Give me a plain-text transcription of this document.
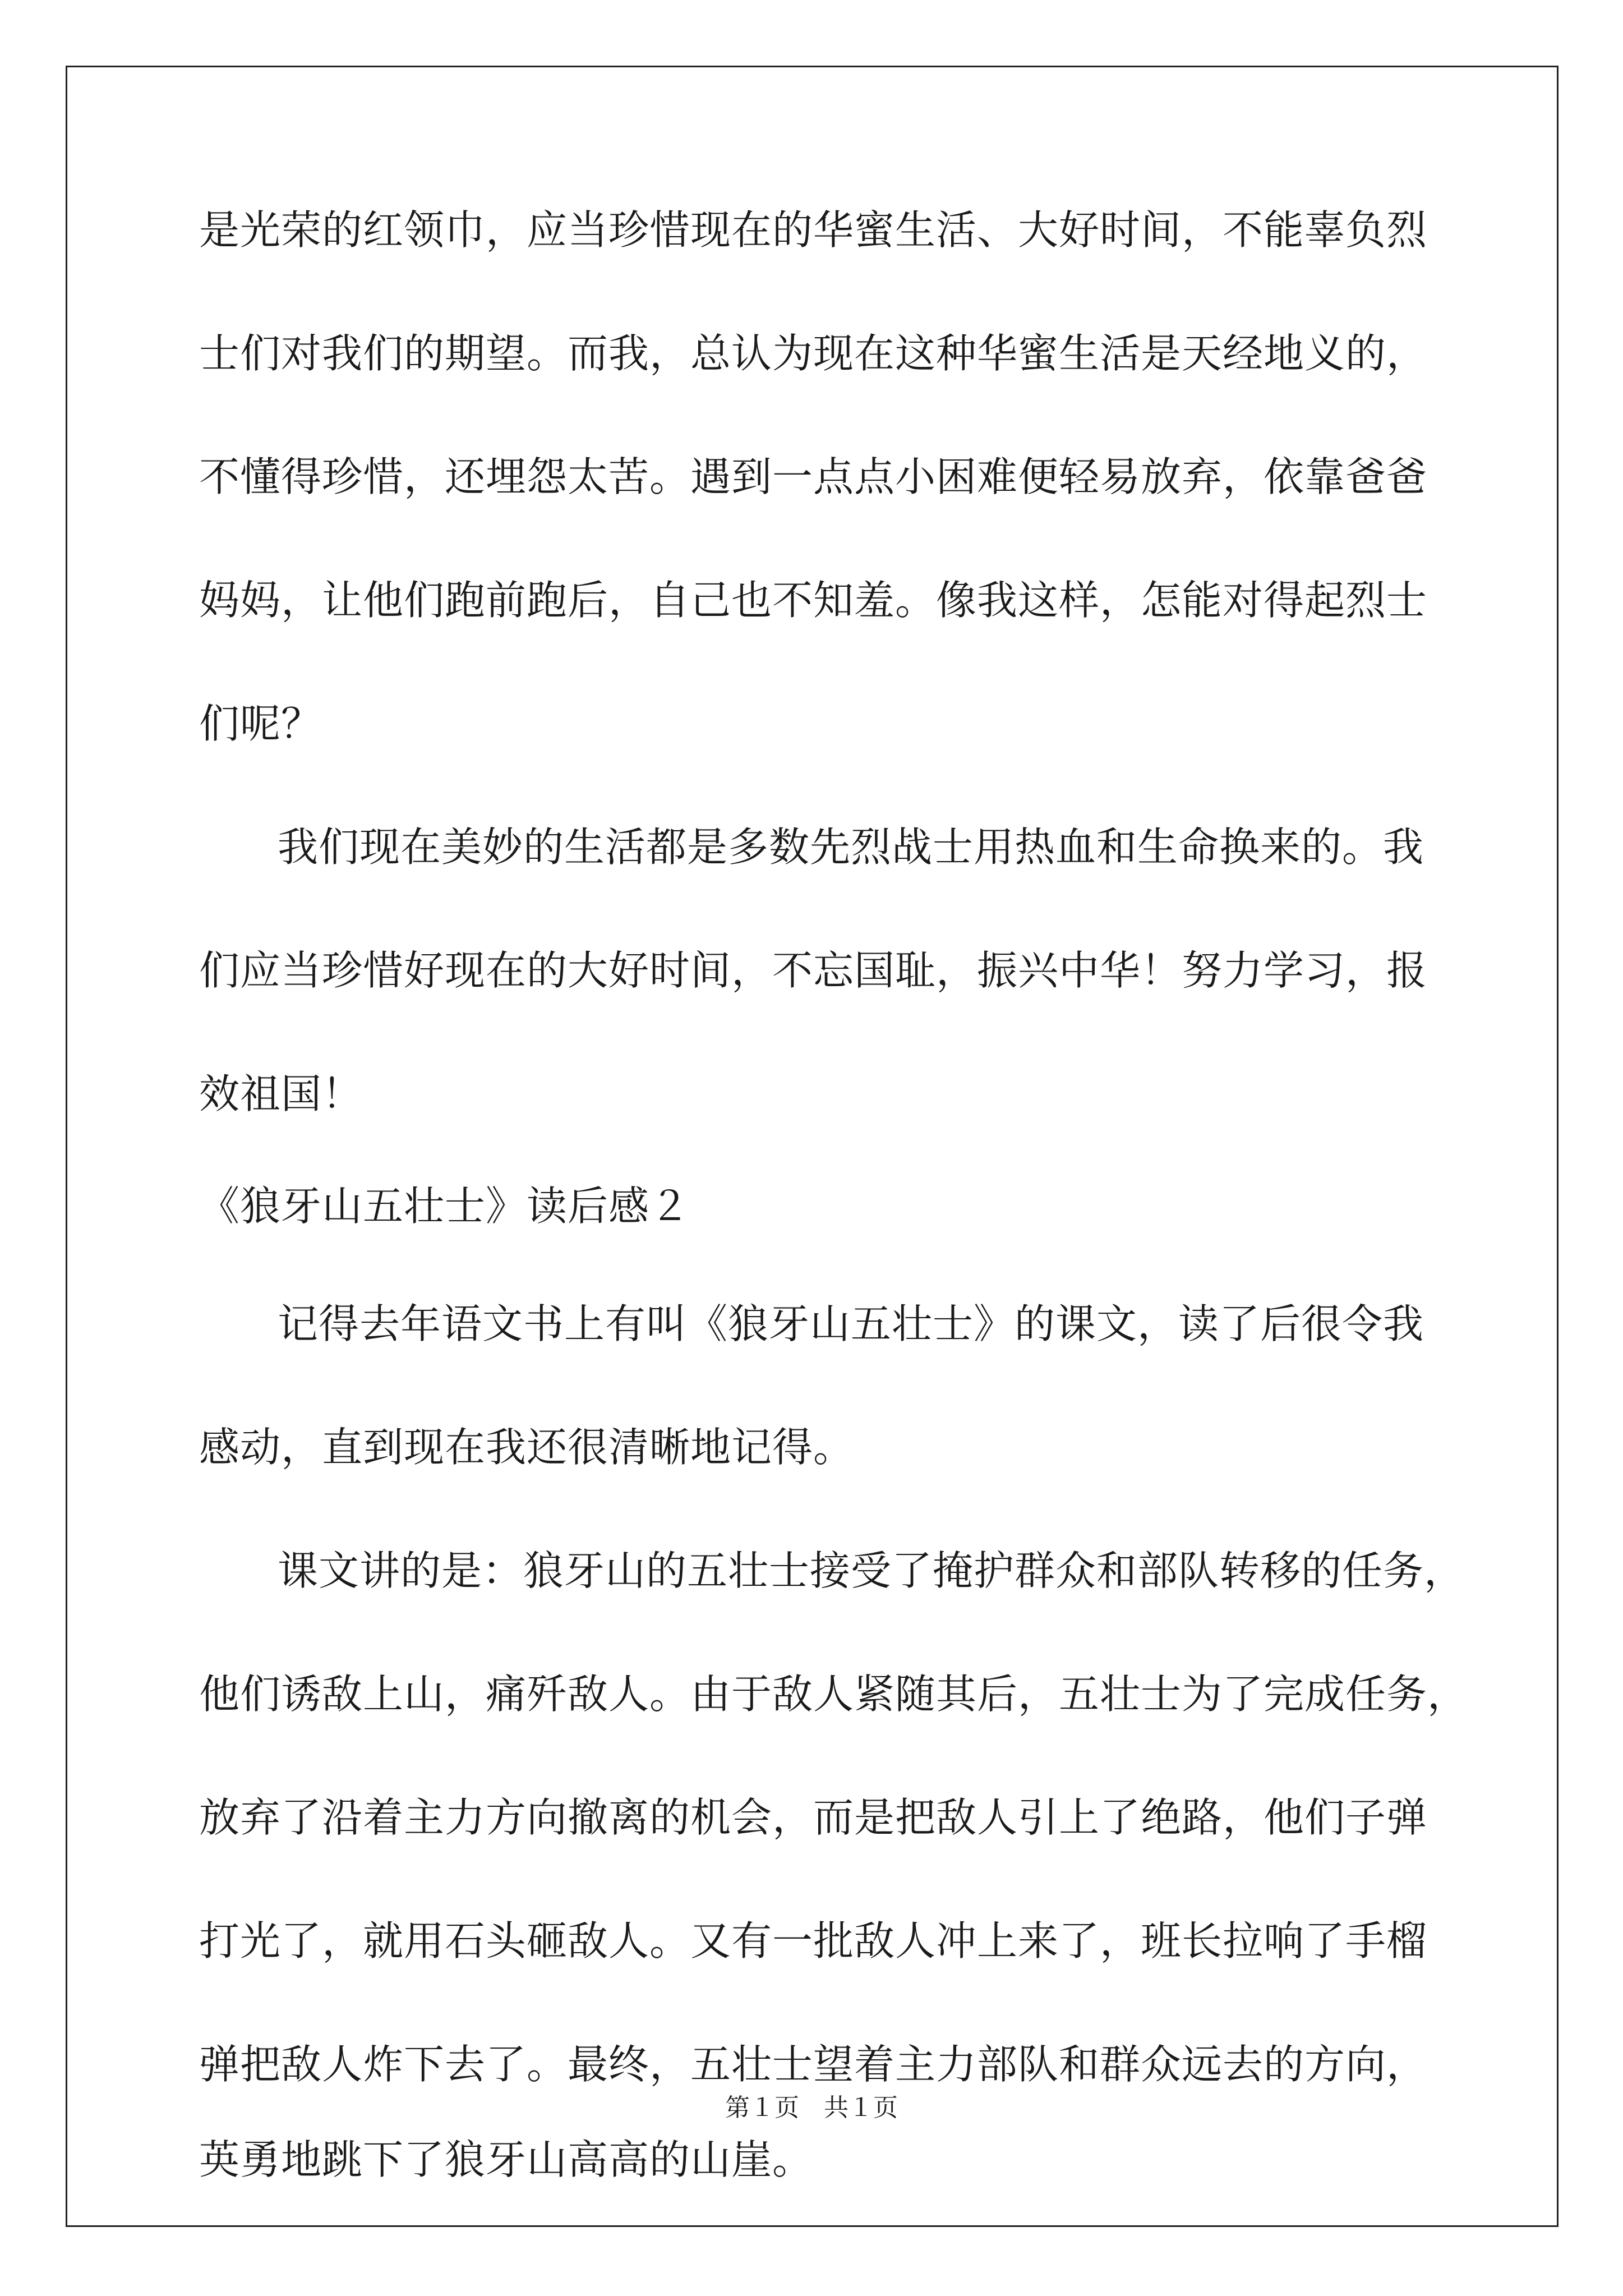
是光荣的红领巾，应当珍惜现在的华蜜生活、大好时间，不能辜负烈
士们对我们的期望。而我，总认为现在这种华蜜生活是天经地义的，
不懂得珍惜，还埋怨太苦。遇到一点点小困难便轻易放弃，依靠爸爸
妈妈，让他们跑前跑后，自己也不知羞。像我这样，怎能对得起烈士
们呢？
我们现在美妙的生活都是多数先烈战士用热血和生命换来的。我
们应当珍惜好现在的大好时间，不忘国耻，振兴中华！努力学习，报
效祖国！
《狼牙山五壮士》读后感２
记得去年语文书上有叫《狼牙山五壮士》的课文，读了后很令我
感动，直到现在我还很清晰地记得。
课文讲的是：狼牙山的五壮士接受了掩护群众和部队转移的任务，
他们诱敌上山，痛歼敌人。由于敌人紧随其后，五壮士为了完成任务，
放弃了沿着主力方向撤离的机会，而是把敌人引上了绝路，他们子弹
打光了，就用石头砸敌人。又有一批敌人冲上来了，班长拉响了手榴
弹把敌人炸下去了。最终，五壮士望着主力部队和群众远去的方向，
英勇地跳下了狼牙山高高的山崖。
第１页　共１页
